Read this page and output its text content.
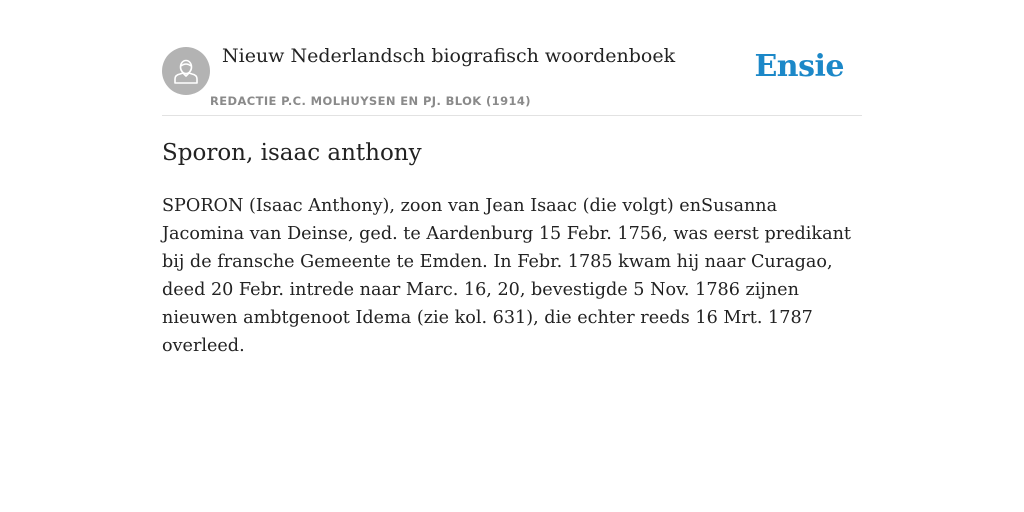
Nieuw Nederlandsch biografisch woordenboek
REDACTIE P.C. MOLHUYSEN EN PJ. BLOK (1914)
Ensie
Sporon, isaac anthony

SPORON (Isaac Anthony), zoon van Jean Isaac (die volgt) enSusanna Jacomina van Deinse, ged. te Aardenburg 15 Febr. 1756, was eerst predikant bij de fransche Gemeente te Emden. In Febr. 1785 kwam hij naar Curagao, deed 20 Febr. intrede naar Marc. 16, 20, bevestigde 5 Nov. 1786 zijnen nieuwen ambtgenoot Idema (zie kol. 631), die echter reeds 16 Mrt. 1787 overleed.
